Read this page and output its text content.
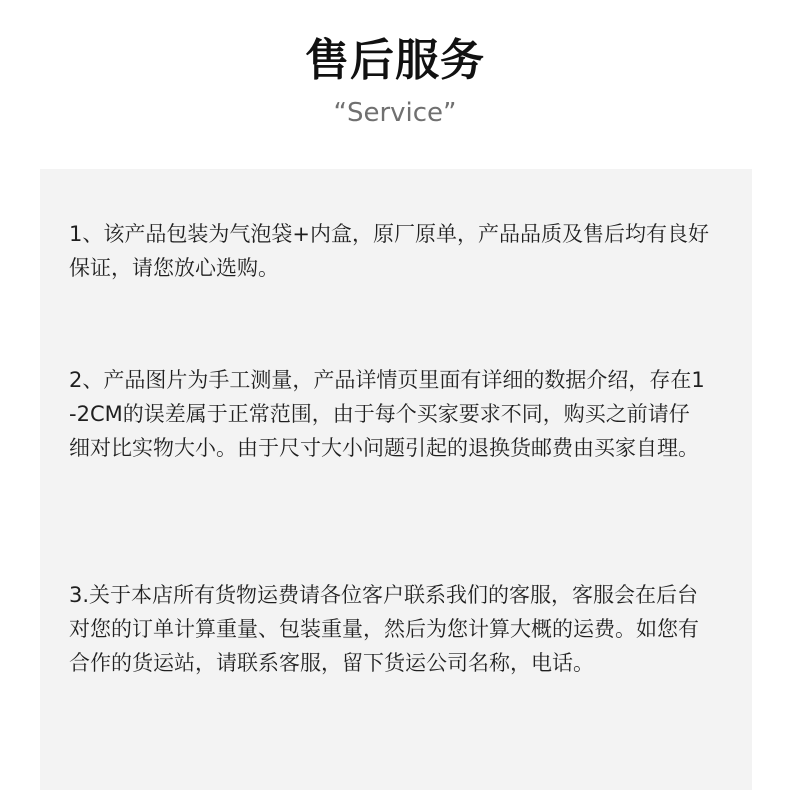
售后服务
“Service”
1、该产品包装为气泡袋+内盒，原厂原单，产品品质及售后均有良好保证，请您放心选购。
2、产品图片为手工测量，产品详情页里面有详细的数据介绍，存在1-2CM的误差属于正常范围，由于每个买家要求不同，购买之前请仔细对比实物大小。由于尺寸大小问题引起的退换货邮费由买家自理。
3.关于本店所有货物运费请各位客户联系我们的客服，客服会在后台对您的订单计算重量、包装重量，然后为您计算大概的运费。如您有合作的货运站，请联系客服，留下货运公司名称，电话。
